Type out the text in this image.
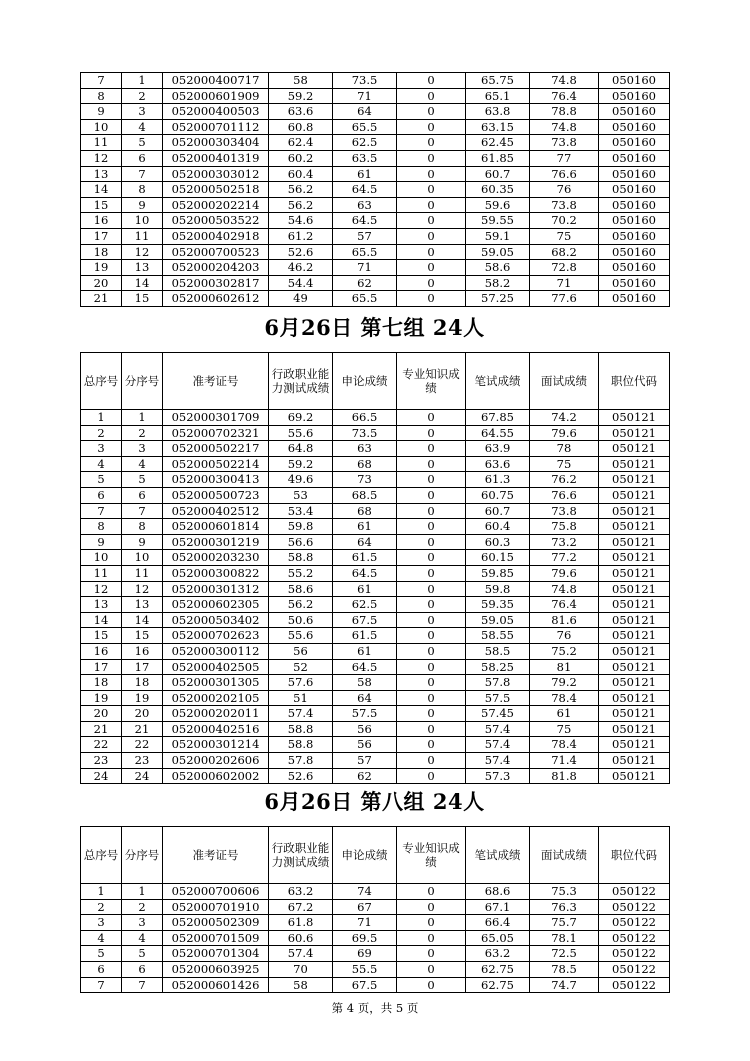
7	1	052000400717	58	73.5	0	65.75	74.8	050160
8	2	052000601909	59.2	71	0	65.1	76.4	050160
9	3	052000400503	63.6	64	0	63.8	78.8	050160
10	4	052000701112	60.8	65.5	0	63.15	74.8	050160
11	5	052000303404	62.4	62.5	0	62.45	73.8	050160
12	6	052000401319	60.2	63.5	0	61.85	77	050160
13	7	052000303012	60.4	61	0	60.7	76.6	050160
14	8	052000502518	56.2	64.5	0	60.35	76	050160
15	9	052000202214	56.2	63	0	59.6	73.8	050160
16	10	052000503522	54.6	64.5	0	59.55	70.2	050160
17	11	052000402918	61.2	57	0	59.1	75	050160
18	12	052000700523	52.6	65.5	0	59.05	68.2	050160
19	13	052000204203	46.2	71	0	58.6	72.8	050160
20	14	052000302817	54.4	62	0	58.2	71	050160
21	15	052000602612	49	65.5	0	57.25	77.6	050160
6月26日 第七组 24人
总序号	分序号	准考证号	行政职业能力测试成绩	申论成绩	专业知识成绩	笔试成绩	面试成绩	职位代码
1	1	052000301709	69.2	66.5	0	67.85	74.2	050121
2	2	052000702321	55.6	73.5	0	64.55	79.6	050121
3	3	052000502217	64.8	63	0	63.9	78	050121
4	4	052000502214	59.2	68	0	63.6	75	050121
5	5	052000300413	49.6	73	0	61.3	76.2	050121
6	6	052000500723	53	68.5	0	60.75	76.6	050121
7	7	052000402512	53.4	68	0	60.7	73.8	050121
8	8	052000601814	59.8	61	0	60.4	75.8	050121
9	9	052000301219	56.6	64	0	60.3	73.2	050121
10	10	052000203230	58.8	61.5	0	60.15	77.2	050121
11	11	052000300822	55.2	64.5	0	59.85	79.6	050121
12	12	052000301312	58.6	61	0	59.8	74.8	050121
13	13	052000602305	56.2	62.5	0	59.35	76.4	050121
14	14	052000503402	50.6	67.5	0	59.05	81.6	050121
15	15	052000702623	55.6	61.5	0	58.55	76	050121
16	16	052000300112	56	61	0	58.5	75.2	050121
17	17	052000402505	52	64.5	0	58.25	81	050121
18	18	052000301305	57.6	58	0	57.8	79.2	050121
19	19	052000202105	51	64	0	57.5	78.4	050121
20	20	052000202011	57.4	57.5	0	57.45	61	050121
21	21	052000402516	58.8	56	0	57.4	75	050121
22	22	052000301214	58.8	56	0	57.4	78.4	050121
23	23	052000202606	57.8	57	0	57.4	71.4	050121
24	24	052000602002	52.6	62	0	57.3	81.8	050121
6月26日 第八组 24人
总序号	分序号	准考证号	行政职业能力测试成绩	申论成绩	专业知识成绩	笔试成绩	面试成绩	职位代码
1	1	052000700606	63.2	74	0	68.6	75.3	050122
2	2	052000701910	67.2	67	0	67.1	76.3	050122
3	3	052000502309	61.8	71	0	66.4	75.7	050122
4	4	052000701509	60.6	69.5	0	65.05	78.1	050122
5	5	052000701304	57.4	69	0	63.2	72.5	050122
6	6	052000603925	70	55.5	0	62.75	78.5	050122
7	7	052000601426	58	67.5	0	62.75	74.7	050122
第 4 页，共 5 页
